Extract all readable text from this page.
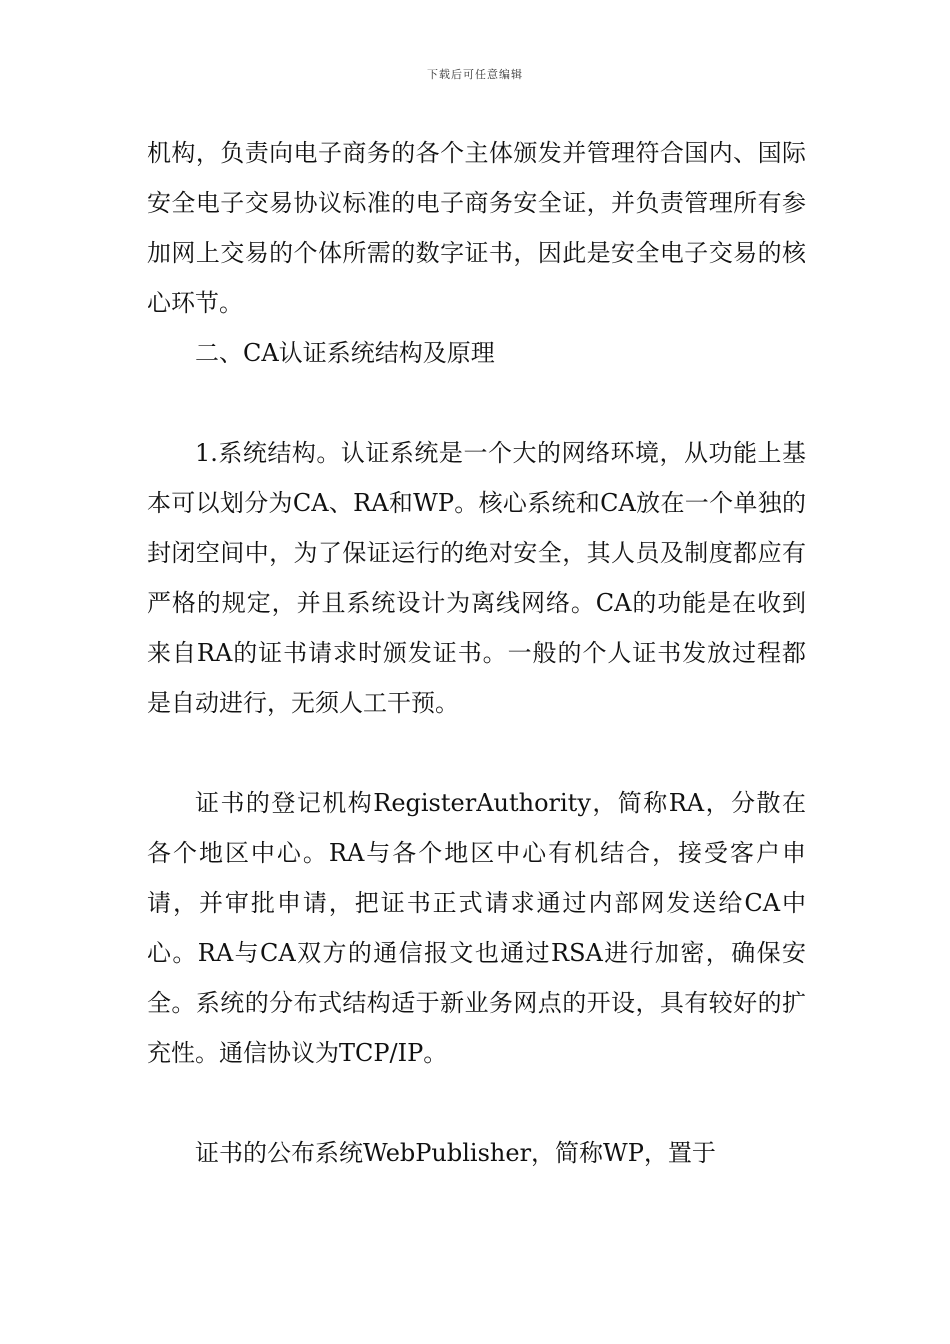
下载后可任意编辑

机构，负责向电子商务的各个主体颁发并管理符合国内、国际安全电子交易协议标准的电子商务安全证，并负责管理所有参加网上交易的个体所需的数字证书，因此是安全电子交易的核心环节。

二、CA认证系统结构及原理

1.系统结构。认证系统是一个大的网络环境，从功能上基本可以划分为CA、RA和WP。核心系统和CA放在一个单独的封闭空间中，为了保证运行的绝对安全，其人员及制度都应有严格的规定，并且系统设计为离线网络。CA的功能是在收到来自RA的证书请求时颁发证书。一般的个人证书发放过程都是自动进行，无须人工干预。

证书的登记机构RegisterAuthority，简称RA，分散在各个地区中心。RA与各个地区中心有机结合，接受客户申请，并审批申请，把证书正式请求通过内部网发送给CA中心。RA与CA双方的通信报文也通过RSA进行加密，确保安全。系统的分布式结构适于新业务网点的开设，具有较好的扩充性。通信协议为TCP/IP。

证书的公布系统WebPublisher，简称WP，置于
